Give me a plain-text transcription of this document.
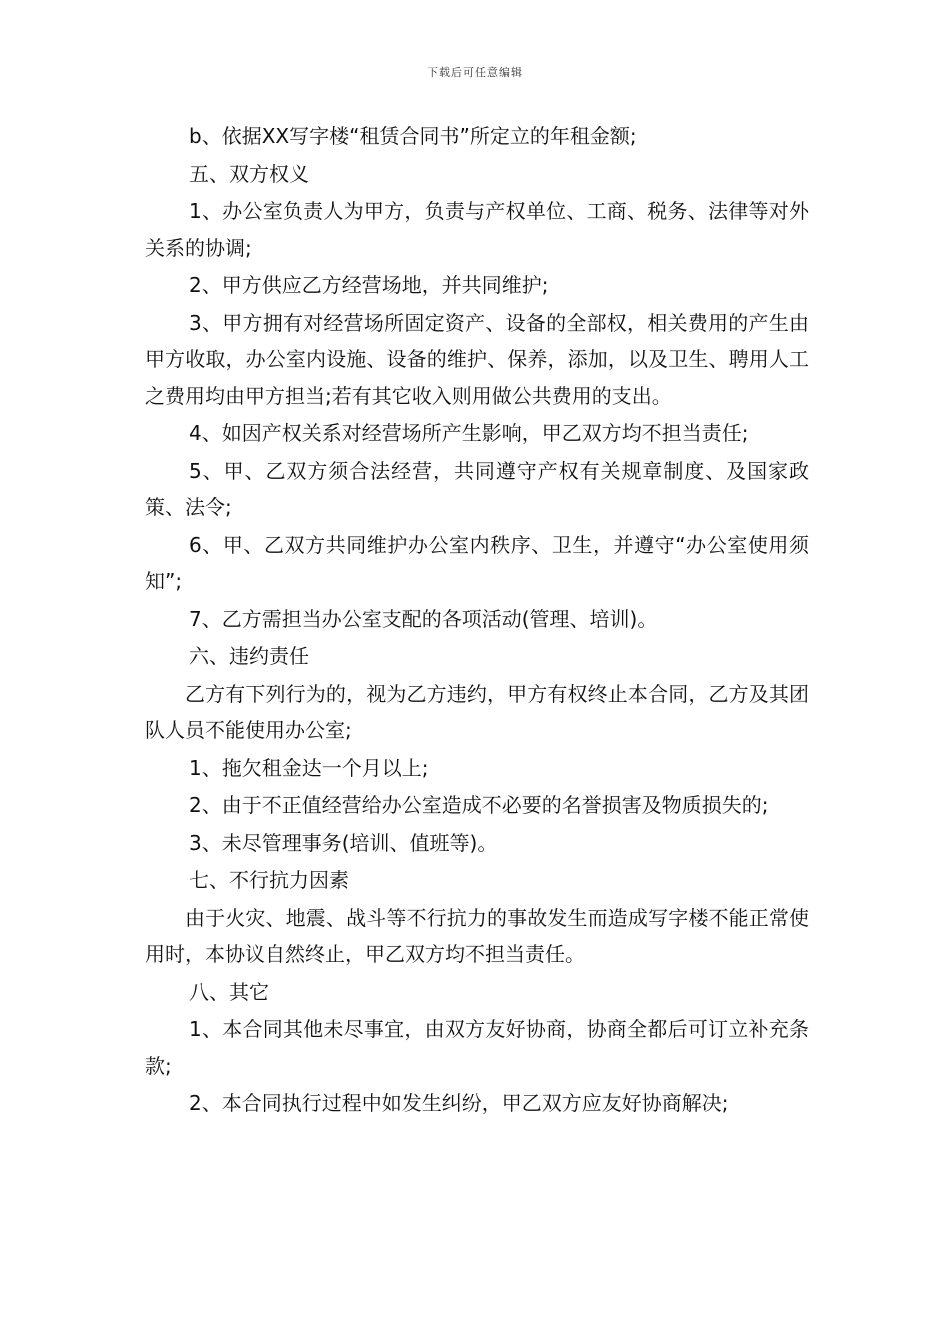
下载后可任意编辑

b、依据XX写字楼“租赁合同书”所定立的年租金额;

五、双方权义

1、办公室负责人为甲方，负责与产权单位、工商、税务、法律等对外关系的协调;

2、甲方供应乙方经营场地，并共同维护;

3、甲方拥有对经营场所固定资产、设备的全部权，相关费用的产生由甲方收取，办公室内设施、设备的维护、保养，添加，以及卫生、聘用人工之费用均由甲方担当;若有其它收入则用做公共费用的支出。

4、如因产权关系对经营场所产生影响，甲乙双方均不担当责任;

5、甲、乙双方须合法经营，共同遵守产权有关规章制度、及国家政策、法令;

6、甲、乙双方共同维护办公室内秩序、卫生，并遵守“办公室使用须知”;

7、乙方需担当办公室支配的各项活动(管理、培训)。

六、违约责任

乙方有下列行为的，视为乙方违约，甲方有权终止本合同，乙方及其团队人员不能使用办公室;

1、拖欠租金达一个月以上;

2、由于不正值经营给办公室造成不必要的名誉损害及物质损失的;

3、未尽管理事务(培训、值班等)。

七、不行抗力因素

由于火灾、地震、战斗等不行抗力的事故发生而造成写字楼不能正常使用时，本协议自然终止，甲乙双方均不担当责任。

八、其它

1、本合同其他未尽事宜，由双方友好协商，协商全都后可订立补充条款;

2、本合同执行过程中如发生纠纷，甲乙双方应友好协商解决;
